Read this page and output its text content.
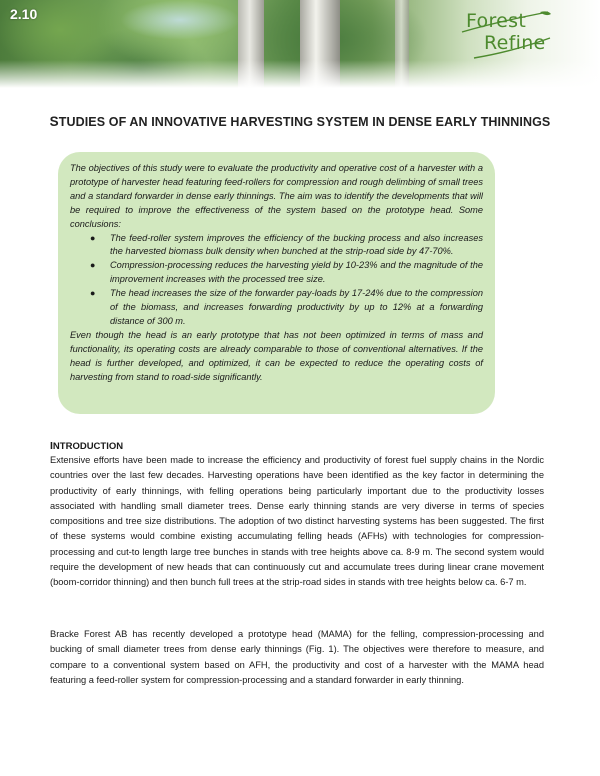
2.10	Forest
Refine
STUDIES OF AN INNOVATIVE HARVESTING SYSTEM IN DENSE EARLY THINNINGS

The objectives of this study were to evaluate the productivity and operative cost of a harvester with a prototype of harvester head featuring feed-rollers for compression and rough delimbing of small trees and a standard forwarder in dense early thinnings. The aim was to identify the developments that will be required to improve the effectiveness of the system based on the prototype head. Some conclusions:

● The feed-roller system improves the efficiency of the bucking process and also increases the harvested biomass bulk density when bunched at the strip-road side by 47-70%.
● Compression-processing reduces the harvesting yield by 10-23% and the magnitude of the improvement increases with the processed tree size.
● The head increases the size of the forwarder pay-loads by 17-24% due to the compression of the biomass, and increases forwarding productivity by up to 12% at a forwarding distance of 300 m.

Even though the head is an early prototype that has not been optimized in terms of mass and functionality, its operating costs are already comparable to those of conventional alternatives. If the head is further developed, and optimized, it can be expected to reduce the operating costs of harvesting from stand to road-side significantly.

INTRODUCTION
Extensive efforts have been made to increase the efficiency and productivity of forest fuel supply chains in the Nordic countries over the last few decades. Harvesting operations have been identified as the key factor in determining the productivity of early thinnings, with felling operations being particularly important due to the productivity losses associated with handling small diameter trees. Dense early thinning stands are very diverse in terms of species compositions and tree size distributions. The adoption of two distinct harvesting systems has been suggested. The first of these systems would combine existing accumulating felling heads (AFHs) with technologies for compression-processing and cut-to length large tree bunches in stands with tree heights above ca. 8-9 m. The second system would require the development of new heads that can continuously cut and accumulate trees during linear crane movement (boom-corridor thinning) and then bunch full trees at the strip-road sides in stands with tree heights below ca. 6-7 m.
Bracke Forest AB has recently developed a prototype head (MAMA) for the felling, compression-processing and bucking of small diameter trees from dense early thinnings (Fig. 1). The objectives were therefore to measure, and compare to a conventional system based on AFH, the productivity and cost of a harvester with the MAMA head featuring a feed-roller system for compression-processing and a standard forwarder in early thinning.
